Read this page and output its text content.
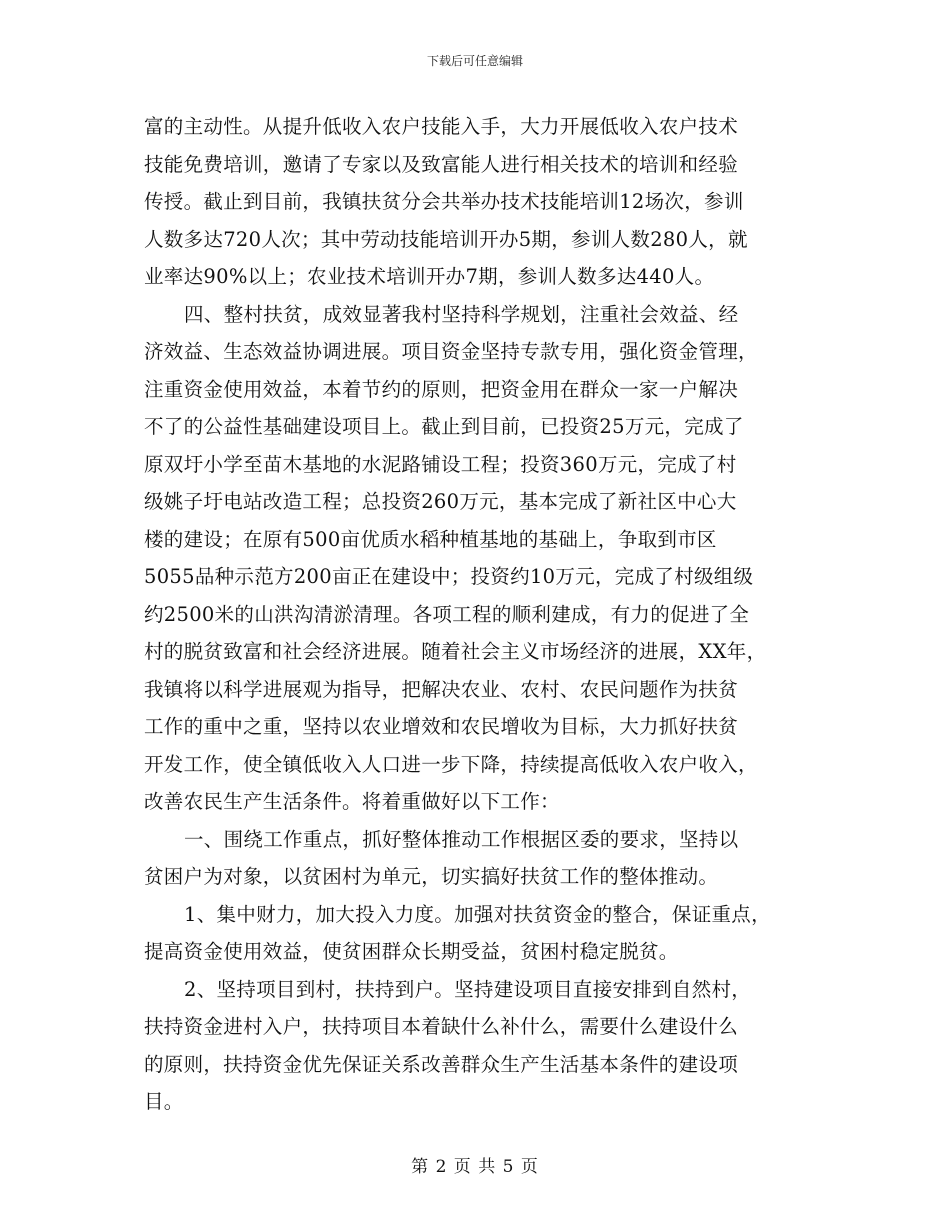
下载后可任意编辑
富的主动性。从提升低收入农户技能入手，大力开展低收入农户技术
技能免费培训，邀请了专家以及致富能人进行相关技术的培训和经验
传授。截止到目前，我镇扶贫分会共举办技术技能培训12场次，参训
人数多达720人次；其中劳动技能培训开办5期，参训人数280人，就
业率达90%以上；农业技术培训开办7期，参训人数多达440人。
四、整村扶贫，成效显著我村坚持科学规划，注重社会效益、经
济效益、生态效益协调进展。项目资金坚持专款专用，强化资金管理，
注重资金使用效益，本着节约的原则，把资金用在群众一家一户解决
不了的公益性基础建设项目上。截止到目前，已投资25万元，完成了
原双圩小学至苗木基地的水泥路铺设工程；投资360万元，完成了村
级姚子圩电站改造工程；总投资260万元，基本完成了新社区中心大
楼的建设；在原有500亩优质水稻种植基地的基础上，争取到市区
5055品种示范方200亩正在建设中；投资约10万元，完成了村级组级
约2500米的山洪沟清淤清理。各项工程的顺利建成，有力的促进了全
村的脱贫致富和社会经济进展。随着社会主义市场经济的进展，XX年，
我镇将以科学进展观为指导，把解决农业、农村、农民问题作为扶贫
工作的重中之重，坚持以农业增效和农民增收为目标，大力抓好扶贫
开发工作，使全镇低收入人口进一步下降，持续提高低收入农户收入，
改善农民生产生活条件。将着重做好以下工作：
一、围绕工作重点，抓好整体推动工作根据区委的要求，坚持以
贫困户为对象，以贫困村为单元，切实搞好扶贫工作的整体推动。
1、集中财力，加大投入力度。加强对扶贫资金的整合，保证重点，
提高资金使用效益，使贫困群众长期受益，贫困村稳定脱贫。
2、坚持项目到村，扶持到户。坚持建设项目直接安排到自然村，
扶持资金进村入户，扶持项目本着缺什么补什么，需要什么建设什么
的原则，扶持资金优先保证关系改善群众生产生活基本条件的建设项
目。
第 2 页 共 5 页
